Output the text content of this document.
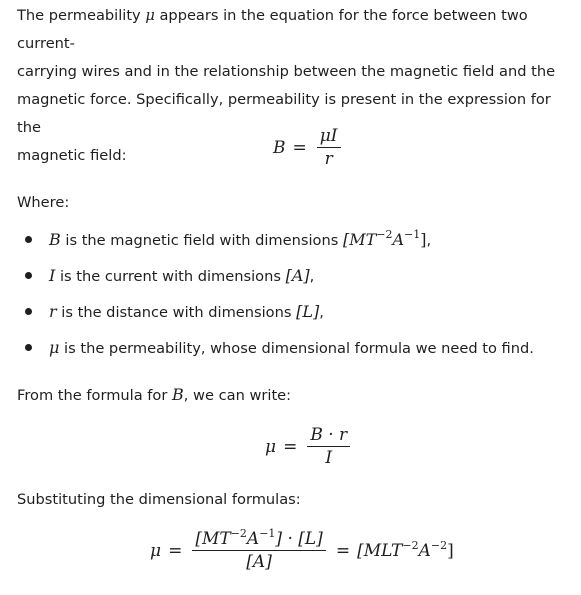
The permeability μ appears in the equation for the force between two current-
carrying wires and in the relationship between the magnetic field and the
magnetic force. Specifically, permeability is present in the expression for the
magnetic field:	$B = \frac{\mu I}{r}$
Where:
B is the magnetic field with dimensions $[MT^{-2}A^{-1}]$,
I is the current with dimensions [A],
r is the distance with dimensions [L],
μ is the permeability, whose dimensional formula we need to find.
From the formula for B, we can write:
$\mu = \frac{B \cdot r}{I}$
Substituting the dimensional formulas:
$\mu = \frac{[MT^{-2}A^{-1}] \cdot [L]}{[A]} = [MLT^{-2}A^{-2}]$
